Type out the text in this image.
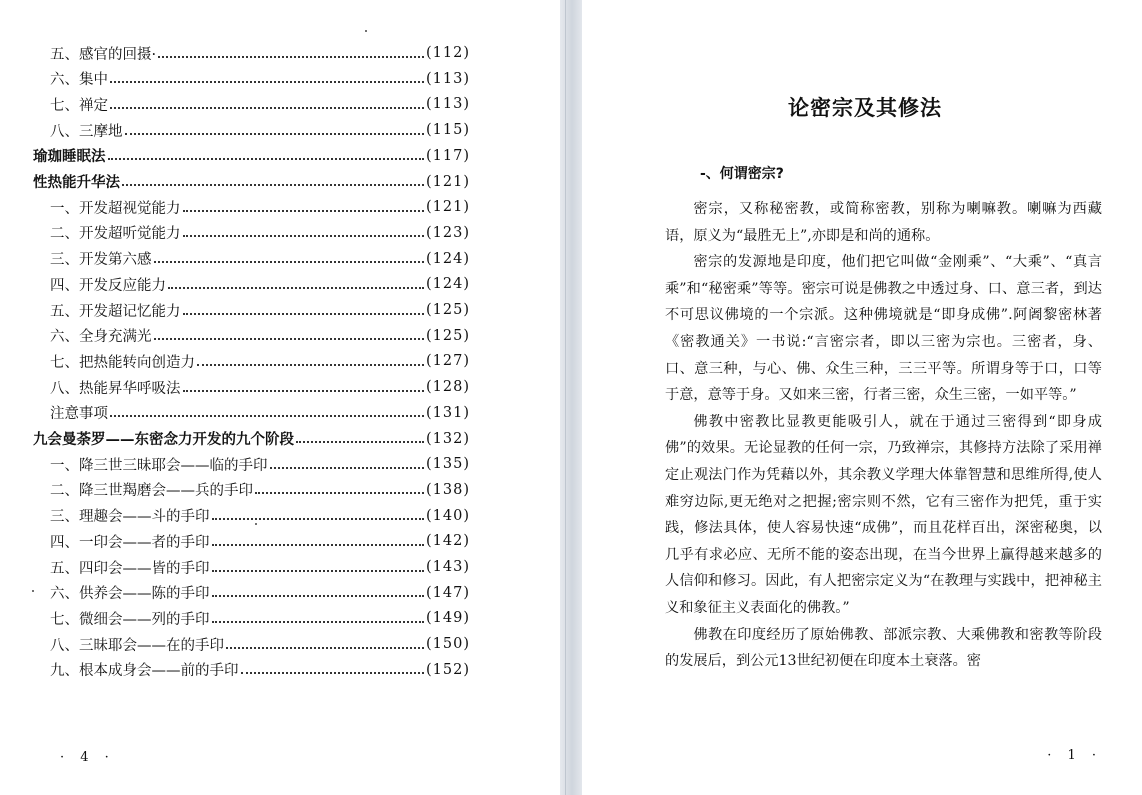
五、感官的回摄·	(112)
六、集中	(113)
七、禅定	(113)
八、三摩地	(115)
瑜珈睡眠法	(117)
性热能升华法	(121)
一、开发超视觉能力	(121)
二、开发超听觉能力	(123)
三、开发第六感	(124)
四、开发反应能力	(124)
五、开发超记忆能力	(125)
六、全身充满光	(125)
七、把热能转向创造力	(127)
八、热能昇华呼吸法	(128)
注意事项	(131)
九会曼荼罗——东密念力开发的九个阶段	(132)
一、降三世三昧耶会——临的手印	(135)
二、降三世羯磨会——兵的手印	(138)
三、理趣会——斗的手印	(140)
四、一印会——者的手印	(142)
五、四印会——皆的手印	(143)
六、供养会——陈的手印	(147)
七、微细会——列的手印	(149)
八、三昧耶会——在的手印	(150)
九、根本成身会——前的手印	(152)
· 4 ·
论密宗及其修法
-、何谓密宗?

密宗，又称秘密教，或简称密教，别称为喇嘛教。喇嘛为西藏语，原义为“最胜无上”,亦即是和尚的通称。

密宗的发源地是印度，他们把它叫做“金刚乘”、“大乘”、“真言乘”和“秘密乘”等等。密宗可说是佛教之中透过身、口、意三者，到达不可思议佛境的一个宗派。这种佛境就是“即身成佛”.阿阇黎密林著《密教通关》一书说:“言密宗者，即以三密为宗也。三密者，身、口、意三种，与心、佛、众生三种，三三平等。所谓身等于口，口等于意，意等于身。又如来三密，行者三密，众生三密，一如平等。”

佛教中密教比显教更能吸引人，就在于通过三密得到“即身成佛”的效果。无论显教的任何一宗，乃致禅宗，其修持方法除了采用禅定止观法门作为凭藉以外，其余教义学理大体靠智慧和思维所得,使人难穷边际,更无绝对之把握;密宗则不然，它有三密作为把凭，重于实践，修法具体，使人容易快速“成佛”，而且花样百出，深密秘奥，以几乎有求必应、无所不能的姿态出现，在当今世界上赢得越来越多的人信仰和修习。因此，有人把密宗定义为“在教理与实践中，把神秘主义和象征主义表面化的佛教。”

佛教在印度经历了原始佛教、部派宗教、大乘佛教和密教等阶段的发展后，到公元13世纪初便在印度本土衰落。密

· 1 ·
